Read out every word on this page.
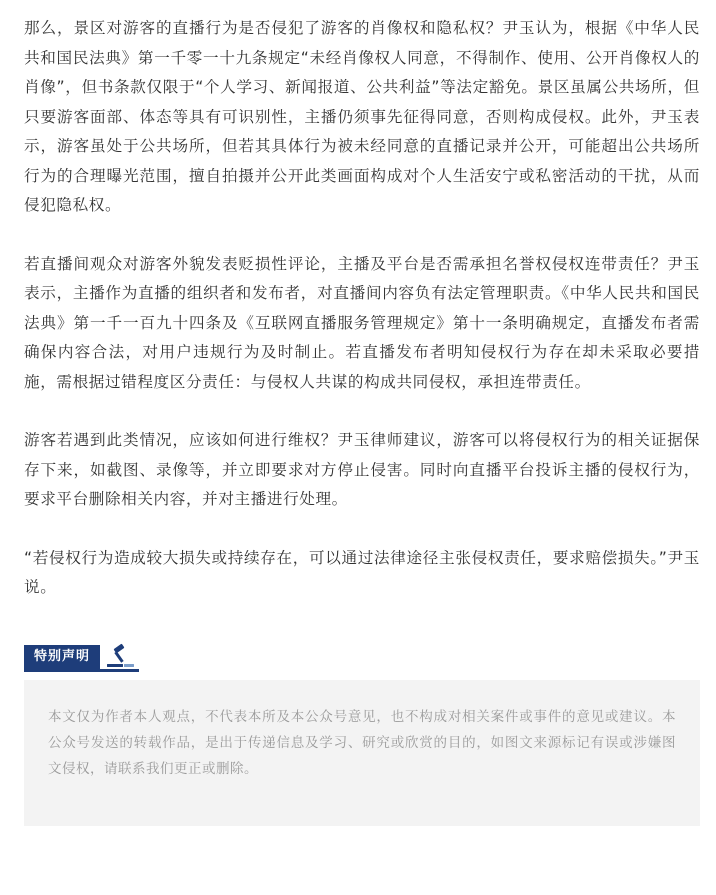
那么，景区对游客的直播行为是否侵犯了游客的肖像权和隐私权？尹玉认为，根据《中华人民共和国民法典》第一千零一十九条规定“未经肖像权人同意，不得制作、使用、公开肖像权人的肖像”，但书条款仅限于“个人学习、新闻报道、公共利益”等法定豁免。景区虽属公共场所，但只要游客面部、体态等具有可识别性，主播仍须事先征得同意，否则构成侵权。此外，尹玉表示，游客虽处于公共场所，但若其具体行为被未经同意的直播记录并公开，可能超出公共场所行为的合理曝光范围，擅自拍摄并公开此类画面构成对个人生活安宁或私密活动的干扰，从而侵犯隐私权。

若直播间观众对游客外貌发表贬损性评论，主播及平台是否需承担名誉权侵权连带责任？尹玉表示，主播作为直播的组织者和发布者，对直播间内容负有法定管理职责。《中华人民共和国民法典》第一千一百九十四条及《互联网直播服务管理规定》第十一条明确规定，直播发布者需确保内容合法，对用户违规行为及时制止。若直播发布者明知侵权行为存在却未采取必要措施，需根据过错程度区分责任：与侵权人共谋的构成共同侵权，承担连带责任。

游客若遇到此类情况，应该如何进行维权？尹玉律师建议，游客可以将侵权行为的相关证据保存下来，如截图、录像等，并立即要求对方停止侵害。同时向直播平台投诉主播的侵权行为，要求平台删除相关内容，并对主播进行处理。

“若侵权行为造成较大损失或持续存在，可以通过法律途径主张侵权责任，要求赔偿损失。”尹玉说。

特别声明
本文仅为作者本人观点，不代表本所及本公众号意见，也不构成对相关案件或事件的意见或建议。本公众号发送的转载作品，是出于传递信息及学习、研究或欣赏的目的，如图文来源标记有误或涉嫌图文侵权，请联系我们更正或删除。
